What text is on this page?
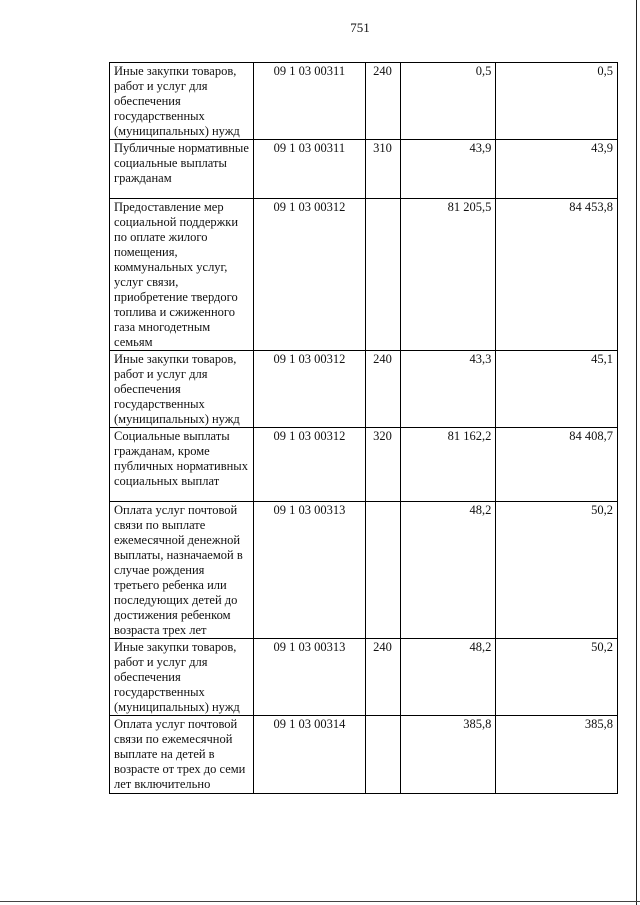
751
Иные закупки товаров, работ и услуг для обеспечения государственных (муниципальных) нужд	09 1 03 00311	240	0,5	0,5
Публичные нормативные социальные выплаты гражданам	09 1 03 00311	310	43,9	43,9
Предоставление мер социальной поддержки по оплате жилого помещения, коммунальных услуг, услуг связи, приобретение твердого топлива и сжиженного газа многодетным семьям	09 1 03 00312		81 205,5	84 453,8
Иные закупки товаров, работ и услуг для обеспечения государственных (муниципальных) нужд	09 1 03 00312	240	43,3	45,1
Социальные выплаты гражданам, кроме публичных нормативных социальных выплат	09 1 03 00312	320	81 162,2	84 408,7
Оплата услуг почтовой связи по выплате ежемесячной денежной выплаты, назначаемой в случае рождения третьего ребенка или последующих детей до достижения ребенком возраста трех лет	09 1 03 00313		48,2	50,2
Иные закупки товаров, работ и услуг для обеспечения государственных (муниципальных) нужд	09 1 03 00313	240	48,2	50,2
Оплата услуг почтовой связи по ежемесячной выплате на детей в возрасте от трех до семи лет включительно	09 1 03 00314		385,8	385,8
